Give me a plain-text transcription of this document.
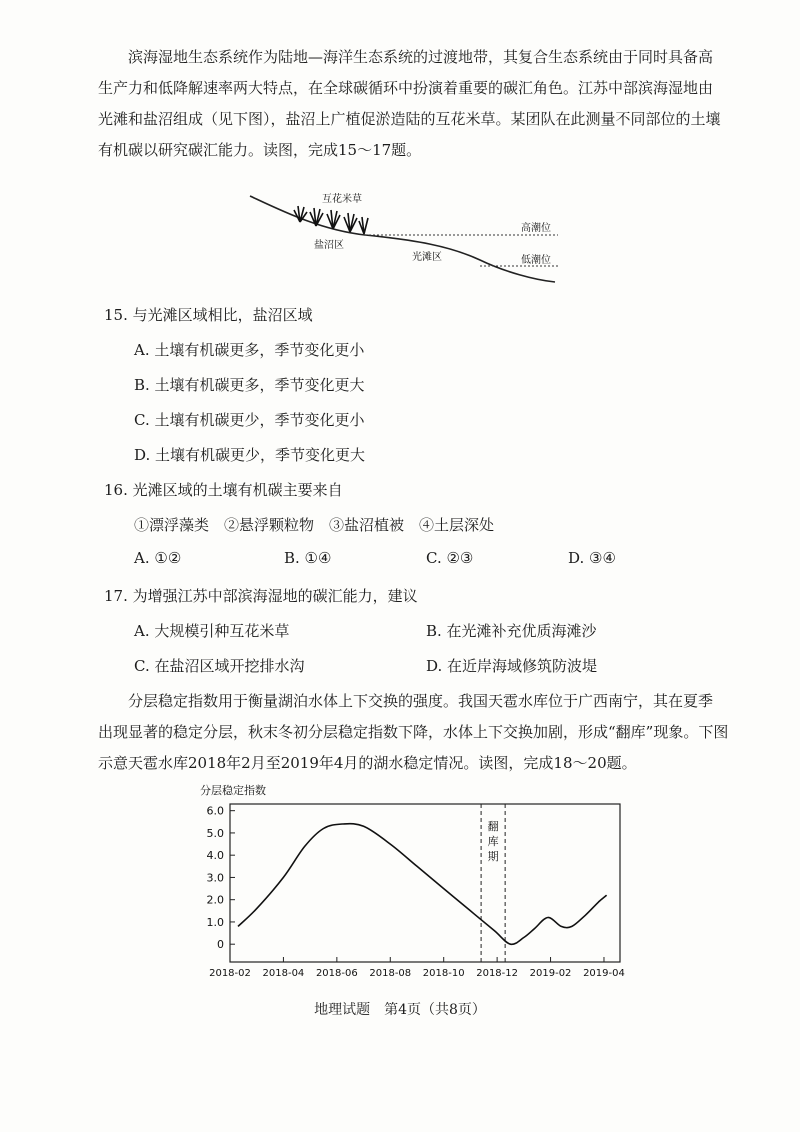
滨海湿地生态系统作为陆地—海洋生态系统的过渡地带，其复合生态系统由于同时具备高
生产力和低降解速率两大特点，在全球碳循环中扮演着重要的碳汇角色。江苏中部滨海湿地由
光滩和盐沼组成（见下图），盐沼上广植促淤造陆的互花米草。某团队在此测量不同部位的土壤
有机碳以研究碳汇能力。读图，完成15～17题。
互花米草
盐沼区
光滩区
高潮位
低潮位
15. 与光滩区域相比，盐沼区域
A. 土壤有机碳更多，季节变化更小
B. 土壤有机碳更多，季节变化更大
C. 土壤有机碳更少，季节变化更小
D. 土壤有机碳更少，季节变化更大
16. 光滩区域的土壤有机碳主要来自
①漂浮藻类　②悬浮颗粒物　③盐沼植被　④土层深处
A. ①②	B. ①④	C. ②③	D. ③④
17. 为增强江苏中部滨海湿地的碳汇能力，建议
A. 大规模引种互花米草	B. 在光滩补充优质海滩沙
C. 在盐沼区域开挖排水沟	D. 在近岸海域修筑防波堤
分层稳定指数用于衡量湖泊水体上下交换的强度。我国天雹水库位于广西南宁，其在夏季
出现显著的稳定分层，秋末冬初分层稳定指数下降，水体上下交换加剧，形成“翻库”现象。下图
示意天雹水库2018年2月至2019年4月的湖水稳定情况。读图，完成18～20题。
分层稳定指数
0
1.0
2.0
3.0
4.0
5.0
6.0
2018-02 2018-04 2018-06 2018-08 2018-10 2018-12 2019-02 2019-04
翻
库
期
地理试题　第4页（共8页）
